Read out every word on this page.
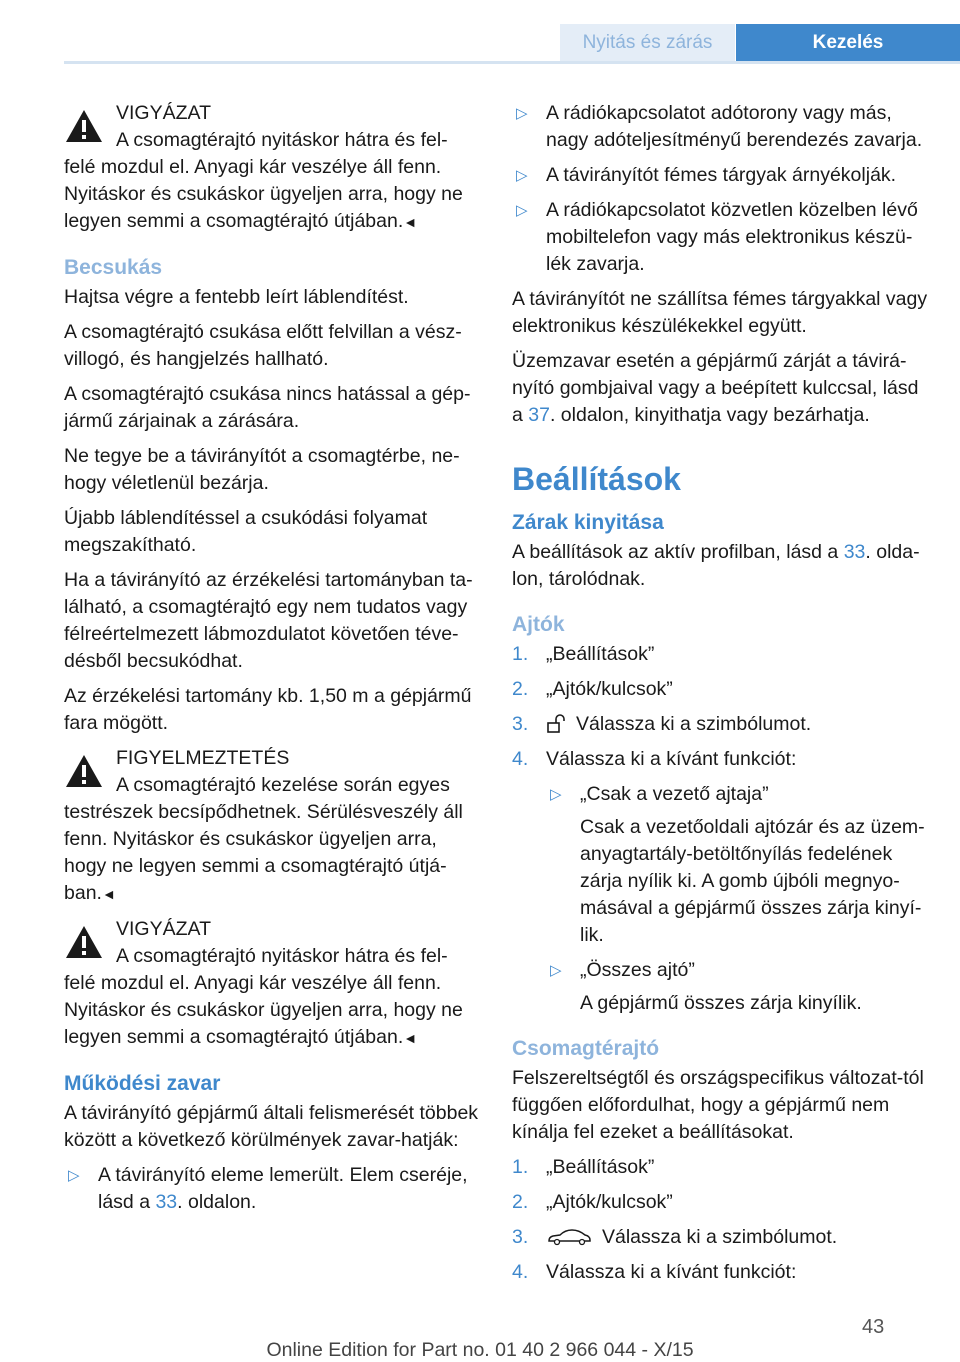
Nyitás és zárás	Kezelés
VIGYÁZAT
A csomagtérajtó nyitáskor hátra és fel‐

felé mozdul el. Anyagi kár veszélye áll fenn. Nyitáskor és csukáskor ügyeljen arra, hogy ne legyen semmi a csomagtérajtó útjában.◄

Becsukás

Hajtsa végre a fentebb leírt láblendítést.

A csomagtérajtó csukása előtt felvillan a vész‐villogó, és hangjelzés hallható.

A csomagtérajtó csukása nincs hatással a gép‐jármű zárjainak a zárására.

Ne tegye be a távirányítót a csomagtérbe, ne‐hogy véletlenül bezárja.

Újabb láblendítéssel a csukódási folyamat megszakítható.

Ha a távirányító az érzékelési tartományban ta‐lálható, a csomagtérajtó egy nem tudatos vagy félreértelmezett lábmozdulatot követően téve‐désből becsukódhat.

Az érzékelési tartomány kb. 1,50 m a gépjármű fara mögött.

FIGYELMEZTETÉS
A csomagtérajtó kezelése során egyes

testrészek becsípődhetnek. Sérülésveszély áll fenn. Nyitáskor és csukáskor ügyeljen arra, hogy ne legyen semmi a csomagtérajtó útjá‐ban.◄

VIGYÁZAT
A csomagtérajtó nyitáskor hátra és fel‐

felé mozdul el. Anyagi kár veszélye áll fenn. Nyitáskor és csukáskor ügyeljen arra, hogy ne legyen semmi a csomagtérajtó útjában.◄

Működési zavar

A távirányító gépjármű általi felismerését többek között a következő körülmények zavar‐hatják:

▷ A távirányító eleme lemerült. Elem cseréje, lásd a 33. oldalon.
▷ A rádiókapcsolatot adótorony vagy más, nagy adóteljesítményű berendezés zavarja.
▷ A távirányítót fémes tárgyak árnyékolják.
▷ A rádiókapcsolatot közvetlen közelben lévő mobiltelefon vagy más elektronikus készü‐lék zavarja.

A távirányítót ne szállítsa fémes tárgyakkal vagy elektronikus készülékekkel együtt.

Üzemzavar esetén a gépjármű zárját a távirá‐nyító gombjaival vagy a beépített kulccsal, lásd a 37. oldalon, kinyithatja vagy bezárhatja.

Beállítások
Zárak kinyitása

A beállítások az aktív profilban, lásd a 33. olda‐lon, tárolódnak.

Ajtók
1. „Beállítások”
2. „Ajtók/kulcsok”
3. Válassza ki a szimbólumot.
4. Válassza ki a kívánt funkciót:
▷ „Csak a vezető ajtaja”
Csak a vezetőoldali ajtózár és az üzem‐anyagtartály-betöltőnyílás fedelének zárja nyílik ki. A gomb újbóli megnyo‐másával a gépjármű összes zárja kinyí‐lik.
▷ „Összes ajtó”
A gépjármű összes zárja kinyílik.
Csomagtérajtó

Felszereltségtől és országspecifikus változat‐tól függően előfordulhat, hogy a gépjármű nem kínálja fel ezeket a beállításokat.

1. „Beállítások”
2. „Ajtók/kulcsok”
3.	Válassza ki a szimbólumot.
4. Válassza ki a kívánt funkciót:
43
Online Edition for Part no. 01 40 2 966 044 - X/15
